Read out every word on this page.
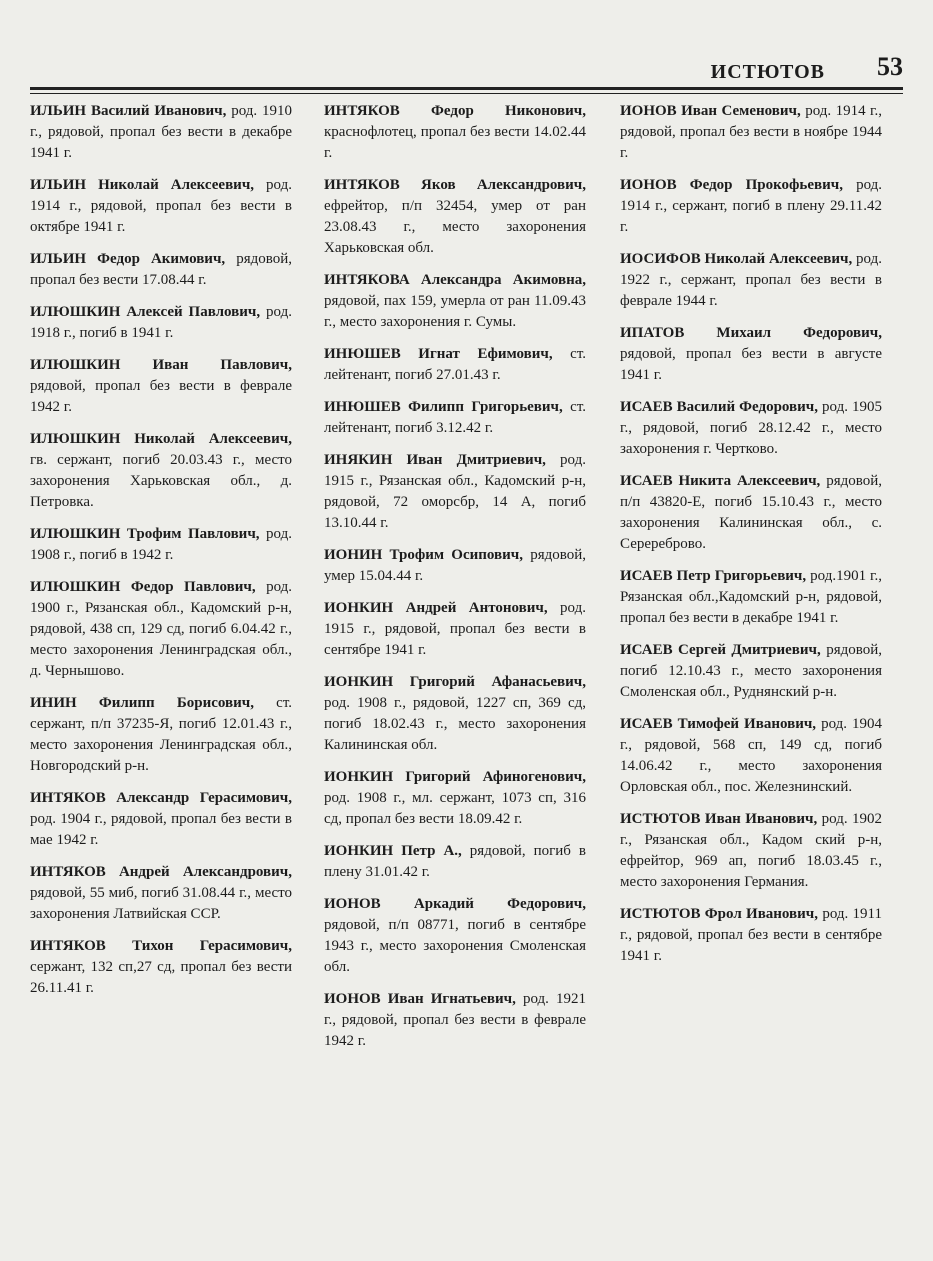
ИСТЮТОВ 53

ИЛЬИН Василий Иванович, род. 1910 г., рядовой, пропал без вести в декабре 1941 г.

ИЛЬИН Николай Алексеевич, род. 1914 г., рядовой, пропал без вести в октябре 1941 г.

ИЛЬИН Федор Акимович, рядовой, пропал без вести 17.08.44 г.

ИЛЮШКИН Алексей Павлович, род. 1918 г., погиб в 1941 г.

ИЛЮШКИН Иван Павлович, рядовой, пропал без вести в феврале 1942 г.

ИЛЮШКИН Николай Алексеевич, гв. сержант, погиб 20.03.43 г., место захоронения Харьковская обл., д. Петровка.

ИЛЮШКИН Трофим Павлович, род. 1908 г., погиб в 1942 г.

ИЛЮШКИН Федор Павлович, род. 1900 г., Рязанская обл., Кадомский р-н, рядовой, 438 сп, 129 сд, погиб 6.04.42 г., место захоронения Ленинградская обл., д. Чернышово.

ИНИН Филипп Борисович, ст. сержант, п/п 37235-Я, погиб 12.01.43 г., место захоронения Ленинградская обл., Новгородский р-н.

ИНТЯКОВ Александр Герасимович, род. 1904 г., рядовой, пропал без вести в мае 1942 г.

ИНТЯКОВ Андрей Александрович, рядовой, 55 миб, погиб 31.08.44 г., место захоронения Латвийская ССР.

ИНТЯКОВ Тихон Герасимович, сержант, 132 сп,27 сд, пропал без вести 26.11.41 г.

ИНТЯКОВ Федор Никонович, краснофлотец, пропал без вести 14.02.44 г.

ИНТЯКОВ Яков Александрович, ефрейтор, п/п 32454, умер от ран 23.08.43 г., место захоронения Харьковская обл.

ИНТЯКОВА Александра Акимовна, рядовой, пах 159, умерла от ран 11.09.43 г., место захоронения г. Сумы.

ИНЮШЕВ Игнат Ефимович, ст. лейтенант, погиб 27.01.43 г.

ИНЮШЕВ Филипп Григорьевич, ст. лейтенант, погиб 3.12.42 г.

ИНЯКИН Иван Дмитриевич, род. 1915 г., Рязанская обл., Кадомский р-н, рядовой, 72 оморсбр, 14 А, погиб 13.10.44 г.

ИОНИН Трофим Осипович, рядовой, умер 15.04.44 г.

ИОНКИН Андрей Антонович, род. 1915 г., рядовой, пропал без вести в сентябре 1941 г.

ИОНКИН Григорий Афанасьевич, род. 1908 г., рядовой, 1227 сп, 369 сд, погиб 18.02.43 г., место захоронения Калининская обл.

ИОНКИН Григорий Афиногенович, род. 1908 г., мл. сержант, 1073 сп, 316 сд, пропал без вести 18.09.42 г.

ИОНКИН Петр А., рядовой, погиб в плену 31.01.42 г.

ИОНОВ Аркадий Федорович, рядовой, п/п 08771, погиб в сентябре 1943 г., место захоронения Смоленская обл.

ИОНОВ Иван Игнатьевич, род. 1921 г., рядовой, пропал без вести в феврале 1942 г.

ИОНОВ Иван Семенович, род. 1914 г., рядовой, пропал без вести в ноябре 1944 г.

ИОНОВ Федор Прокофьевич, род. 1914 г., сержант, погиб в плену 29.11.42 г.

ИОСИФОВ Николай Алексеевич, род. 1922 г., сержант, пропал без вести в феврале 1944 г.

ИПАТОВ Михаил Федорович, рядовой, пропал без вести в августе 1941 г.

ИСАЕВ Василий Федорович, род. 1905 г., рядовой, погиб 28.12.42 г., место захоронения г. Чертково.

ИСАЕВ Никита Алексеевич, рядовой, п/п 43820-Е, погиб 15.10.43 г., место захоронения Калининская обл., с. Серереброво.

ИСАЕВ Петр Григорьевич, род.1901 г., Рязанская обл.,Кадомский р-н, рядовой, пропал без вести в декабре 1941 г.

ИСАЕВ Сергей Дмитриевич, рядовой, погиб 12.10.43 г., место захоронения Смоленская обл., Руднянский р-н.

ИСАЕВ Тимофей Иванович, род. 1904 г., рядовой, 568 сп, 149 сд, погиб 14.06.42 г., место захоронения Орловская обл., пос. Железнинский.

ИСТЮТОВ Иван Иванович, род. 1902 г., Рязанская обл., Кадом ский р-н, ефрейтор, 969 ап, погиб 18.03.45 г., место захоронения Германия.

ИСТЮТОВ Фрол Иванович, род. 1911 г., рядовой, пропал без вести в сентябре 1941 г.
